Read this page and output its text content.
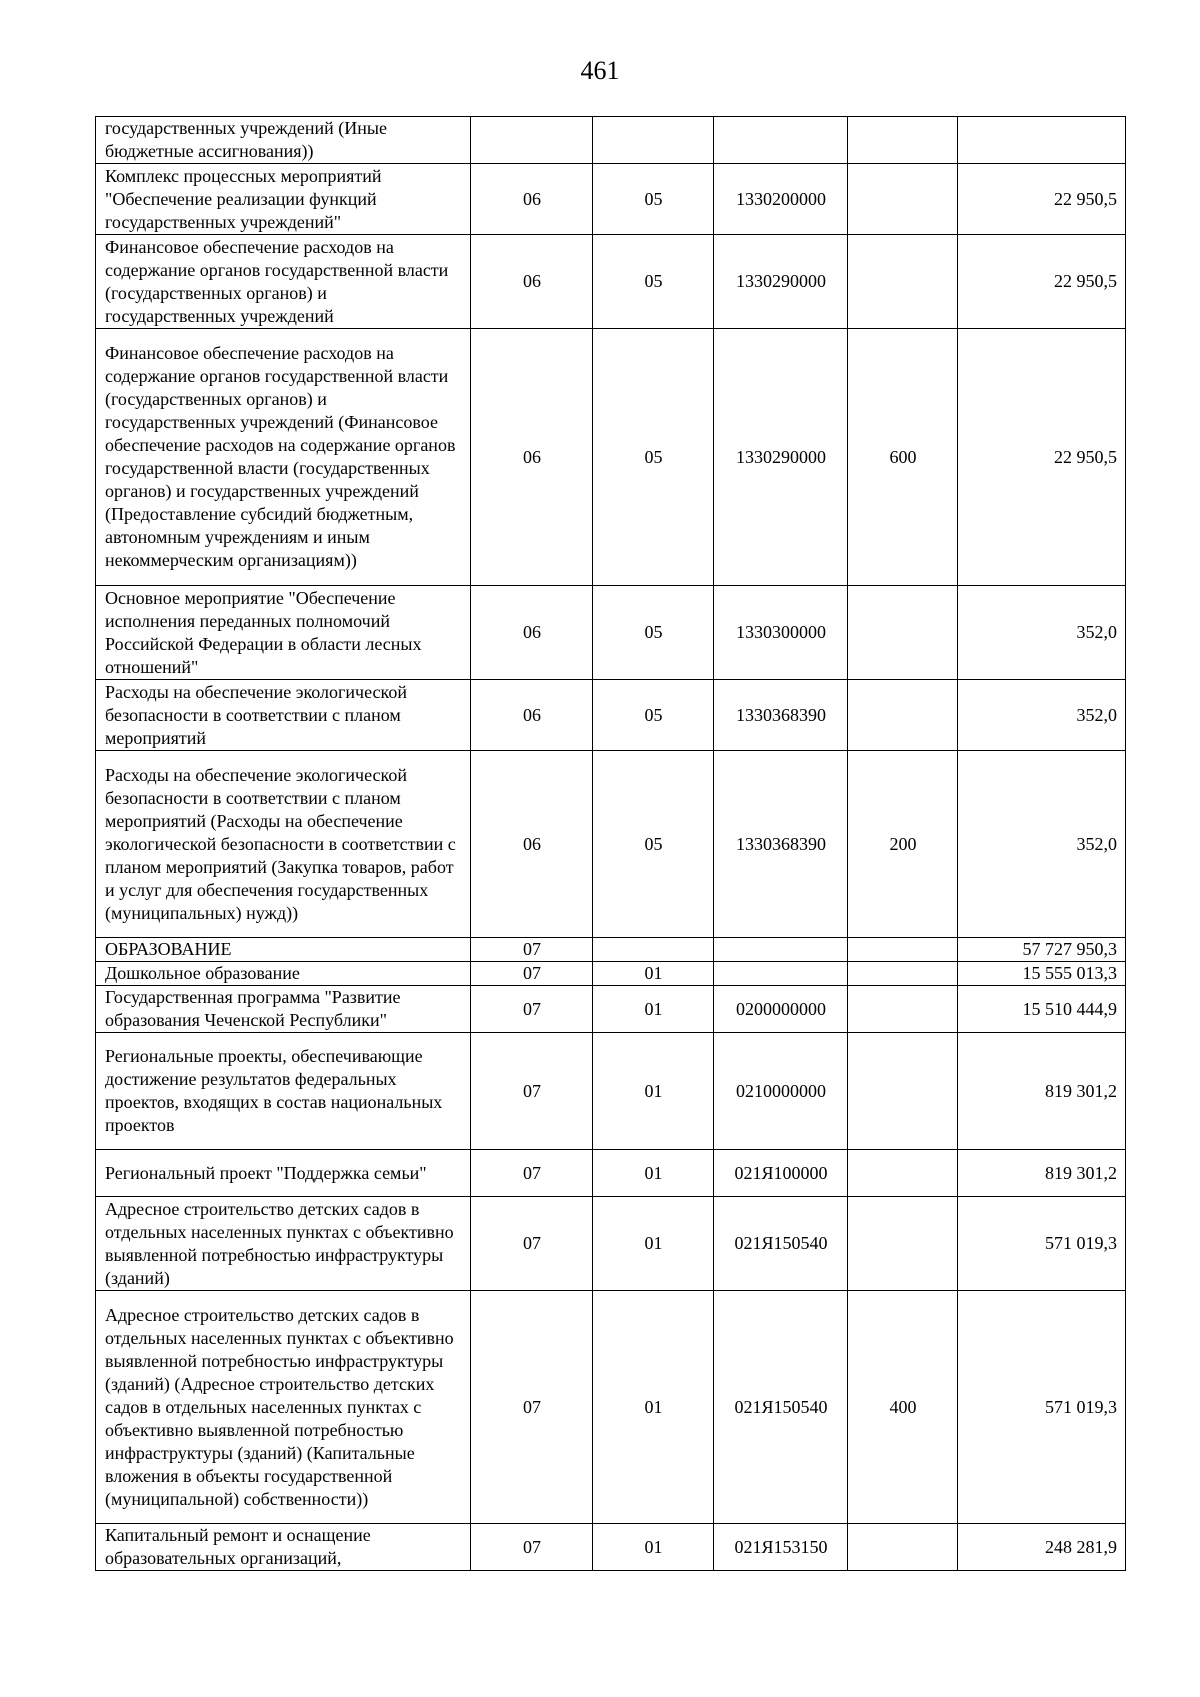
461
государственных учреждений (Иные бюджетные ассигнования))					
Комплекс процессных мероприятий "Обеспечение реализации функций государственных учреждений"	06	05	1330200000		22 950,5
Финансовое обеспечение расходов на содержание органов государственной власти (государственных органов) и государственных учреждений	06	05	1330290000		22 950,5
Финансовое обеспечение расходов на содержание органов государственной власти (государственных органов) и государственных учреждений (Финансовое обеспечение расходов на содержание органов государственной власти (государственных органов) и государственных учреждений (Предоставление субсидий бюджетным, автономным учреждениям и иным некоммерческим организациям))	06	05	1330290000	600	22 950,5
Основное мероприятие "Обеспечение исполнения переданных полномочий Российской Федерации в области лесных отношений"	06	05	1330300000		352,0
Расходы на обеспечение экологической безопасности в соответствии с планом мероприятий	06	05	1330368390		352,0
Расходы на обеспечение экологической безопасности в соответствии с планом мероприятий (Расходы на обеспечение экологической безопасности в соответствии с планом мероприятий (Закупка товаров, работ и услуг для обеспечения государственных (муниципальных) нужд))	06	05	1330368390	200	352,0
ОБРАЗОВАНИЕ	07				57 727 950,3
Дошкольное образование	07	01			15 555 013,3
Государственная программа "Развитие образования Чеченской Республики"	07	01	0200000000		15 510 444,9
Региональные проекты, обеспечивающие достижение результатов федеральных проектов, входящих в состав национальных проектов	07	01	0210000000		819 301,2
Региональный проект "Поддержка семьи"	07	01	021Я100000		819 301,2
Адресное строительство детских садов в отдельных населенных пунктах с объективно выявленной потребностью инфраструктуры (зданий)	07	01	021Я150540		571 019,3
Адресное строительство детских садов в отдельных населенных пунктах с объективно выявленной потребностью инфраструктуры (зданий) (Адресное строительство детских садов в отдельных населенных пунктах с объективно выявленной потребностью инфраструктуры (зданий) (Капитальные вложения в объекты государственной (муниципальной) собственности))	07	01	021Я150540	400	571 019,3
Капитальный ремонт и оснащение образовательных организаций,	07	01	021Я153150		248 281,9
